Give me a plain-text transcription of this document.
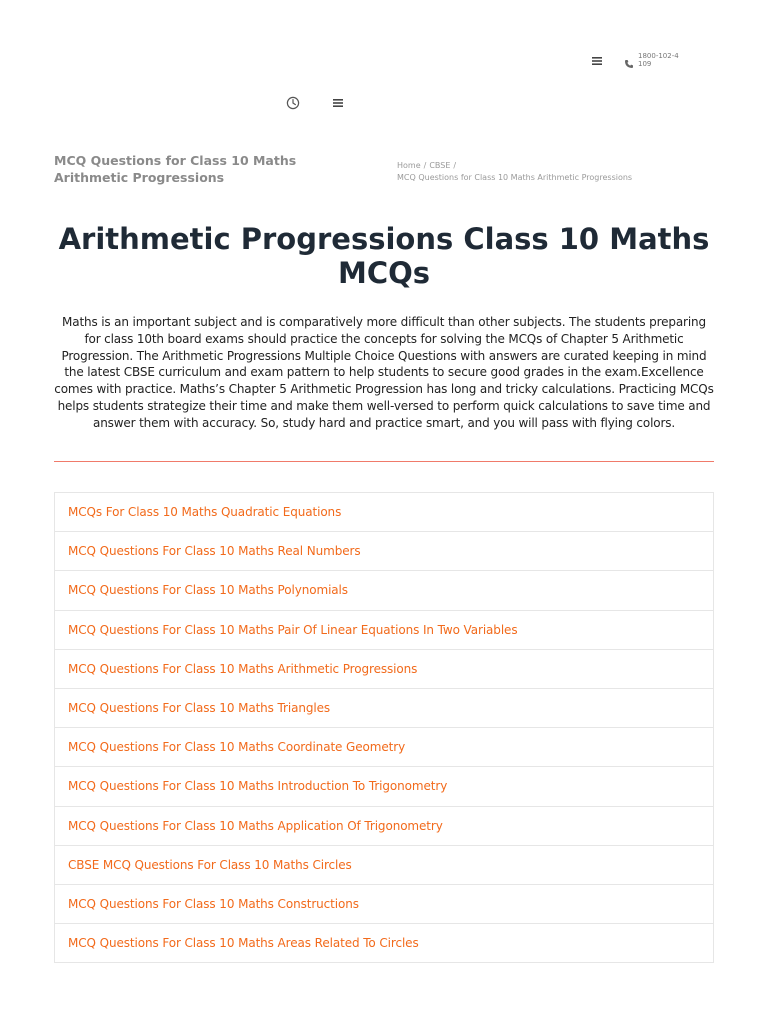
1800-102-4109
MCQ Questions for Class 10 Maths Arithmetic Progressions
Home / CBSE /
MCQ Questions for Class 10 Maths Arithmetic Progressions
Arithmetic Progressions Class 10 Maths MCQs

Maths is an important subject and is comparatively more difficult than other subjects. The students preparing for class 10th board exams should practice the concepts for solving the MCQs of Chapter 5 Arithmetic Progression. The Arithmetic Progressions Multiple Choice Questions with answers are curated keeping in mind the latest CBSE curriculum and exam pattern to help students to secure good grades in the exam.Excellence comes with practice. Maths’s Chapter 5 Arithmetic Progression has long and tricky calculations. Practicing MCQs helps students strategize their time and make them well-versed to perform quick calculations to save time and answer them with accuracy. So, study hard and practice smart, and you will pass with flying colors.

MCQs For Class 10 Maths Quadratic Equations
MCQ Questions For Class 10 Maths Real Numbers
MCQ Questions For Class 10 Maths Polynomials
MCQ Questions For Class 10 Maths Pair Of Linear Equations In Two Variables
MCQ Questions For Class 10 Maths Arithmetic Progressions
MCQ Questions For Class 10 Maths Triangles
MCQ Questions For Class 10 Maths Coordinate Geometry
MCQ Questions For Class 10 Maths Introduction To Trigonometry
MCQ Questions For Class 10 Maths Application Of Trigonometry
CBSE MCQ Questions For Class 10 Maths Circles
MCQ Questions For Class 10 Maths Constructions
MCQ Questions For Class 10 Maths Areas Related To Circles
